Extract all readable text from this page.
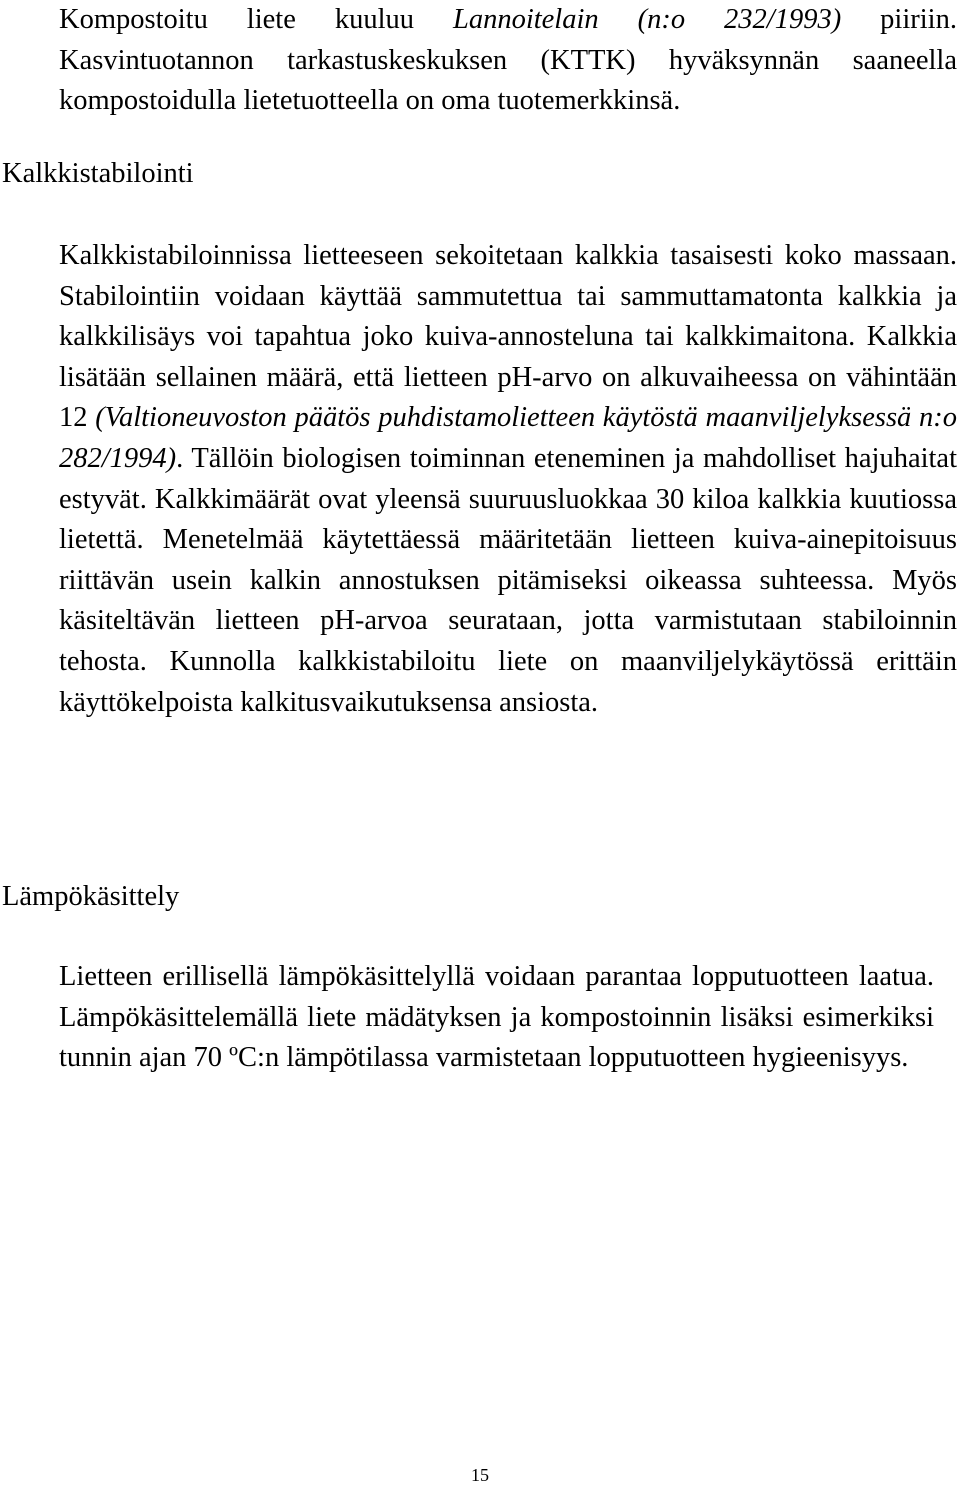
Kompostoitu liete kuuluu Lannoitelain (n:o 232/1993) piiriin. Kasvintuotannon tarkastuskeskuksen (KTTK) hyväksynnän saaneella kompostoidulla lietetuotteella on oma tuotemerkkinsä.

Kalkkistabilointi

Kalkkistabiloinnissa lietteeseen sekoitetaan kalkkia tasaisesti koko massaan. Stabilointiin voidaan käyttää sammutettua tai sammuttamatonta kalkkia ja kalkkilisäys voi tapahtua joko kuiva-annosteluna tai kalkkimaitona. Kalkkia lisätään sellainen määrä, että lietteen pH-arvo on alkuvaiheessa on vähintään 12 (Valtioneuvoston päätös puhdistamolietteen käytöstä maanviljelyksessä n:o 282/1994). Tällöin biologisen toiminnan eteneminen ja mahdolliset hajuhaitat estyvät. Kalkkimäärät ovat yleensä suuruusluokkaa 30 kiloa kalkkia kuutiossa lietettä. Menetelmää käytettäessä määritetään lietteen kuiva-ainepitoisuus riittävän usein kalkin annostuksen pitämiseksi oikeassa suhteessa. Myös käsiteltävän lietteen pH-arvoa seurataan, jotta varmistutaan stabiloinnin tehosta. Kunnolla kalkkistabiloitu liete on maanviljelykäytössä erittäin käyttökelpoista kalkitusvaikutuksensa ansiosta.

Lämpökäsittely

Lietteen erillisellä lämpökäsittelyllä voidaan parantaa lopputuotteen laatua. Lämpökäsittelemällä liete mädätyksen ja kompostoinnin lisäksi esimerkiksi tunnin ajan 70 ºC:n lämpötilassa varmistetaan lopputuotteen hygieenisyys.

15
